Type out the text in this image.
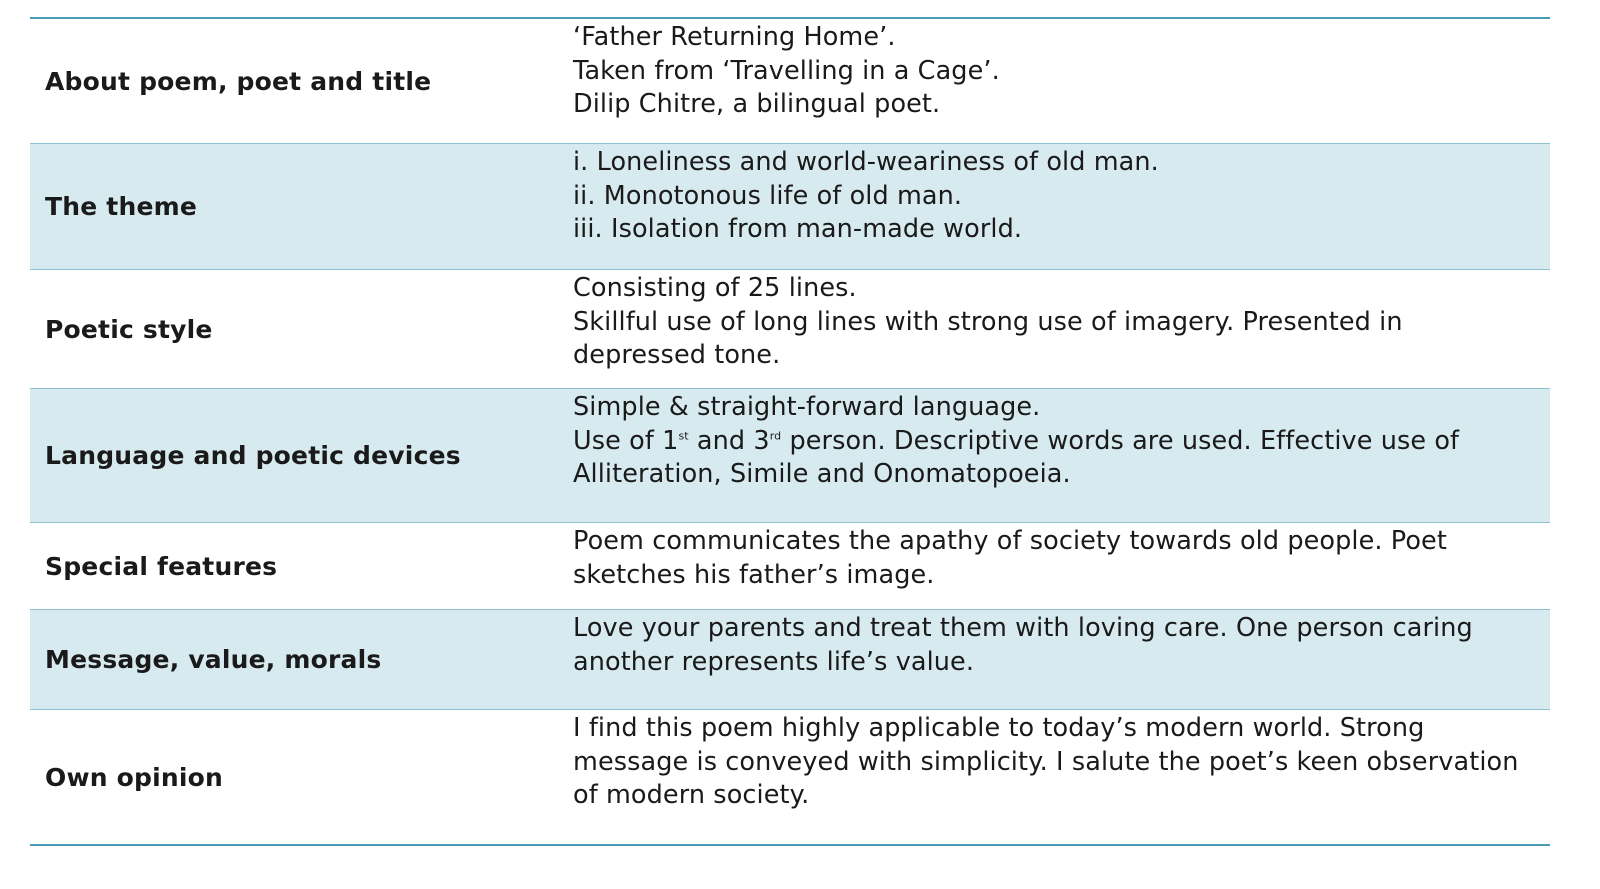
About poem, poet and title
‘Father Returning Home’.
Taken from ‘Travelling in a Cage’.
Dilip Chitre, a bilingual poet.
The theme
i. Loneliness and world-weariness of old man.
ii. Monotonous life of old man.
iii. Isolation from man-made world.
Poetic style
Consisting of 25 lines.
Skillful use of long lines with strong use of imagery. Presented in
depressed tone.
Language and poetic devices
Simple & straight-forward language.
Use of 1st and 3rd person. Descriptive words are used. Effective use of
Alliteration, Simile and Onomatopoeia.
Special features
Poem communicates the apathy of society towards old people. Poet
sketches his father’s image.
Message, value, morals
Love your parents and treat them with loving care. One person caring
another represents life’s value.
Own opinion
I find this poem highly applicable to today’s modern world. Strong
message is conveyed with simplicity. I salute the poet’s keen observation
of modern society.
